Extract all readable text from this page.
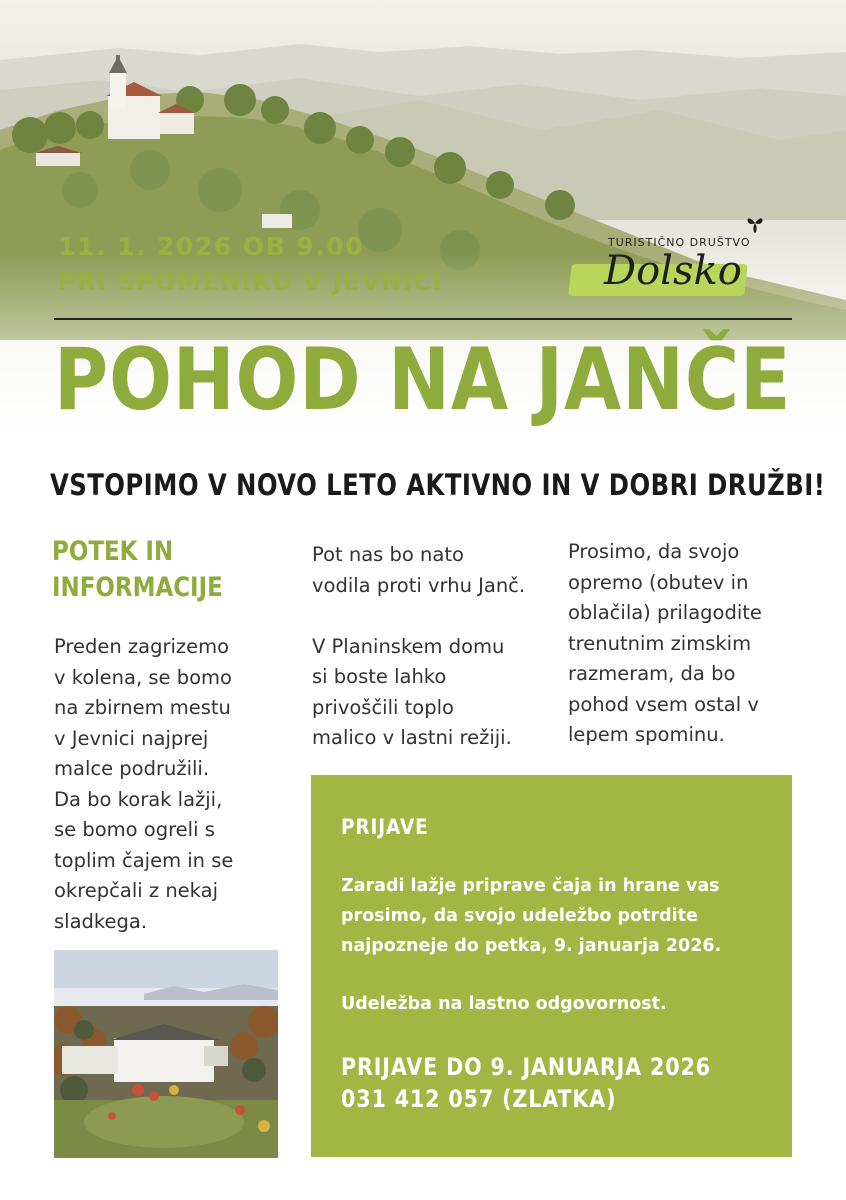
11. 1. 2026 OB 9.00
PRI SPOMENIKU V JEVNICI
TURISTIČNO DRUŠTVO
Dolsko
POHOD NA JANČE
VSTOPIMO V NOVO LETO AKTIVNO IN V DOBRI DRUŽBI!
POTEK IN
INFORMACIJE
Preden zagrizemo
v kolena, se bomo
na zbirnem mestu
v Jevnici najprej
malce podružili.
Da bo korak lažji,
se bomo ogreli s
toplim čajem in se
okrepčali z nekaj
sladkega.
Pot nas bo nato
vodila proti vrhu Janč.

V Planinskem domu
si boste lahko
privoščili toplo
malico v lastni režiji.
Prosimo, da svojo
opremo (obutev in
oblačila) prilagodite
trenutnim zimskim
razmeram, da bo
pohod vsem ostal v
lepem spominu.
PRIJAVE
Zaradi lažje priprave čaja in hrane vas
prosimo, da svojo udeležbo potrdite
najpozneje do petka, 9. januarja 2026.
Udeležba na lastno odgovornost.
PRIJAVE DO 9. JANUARJA 2026
031 412 057 (ZLATKA)
